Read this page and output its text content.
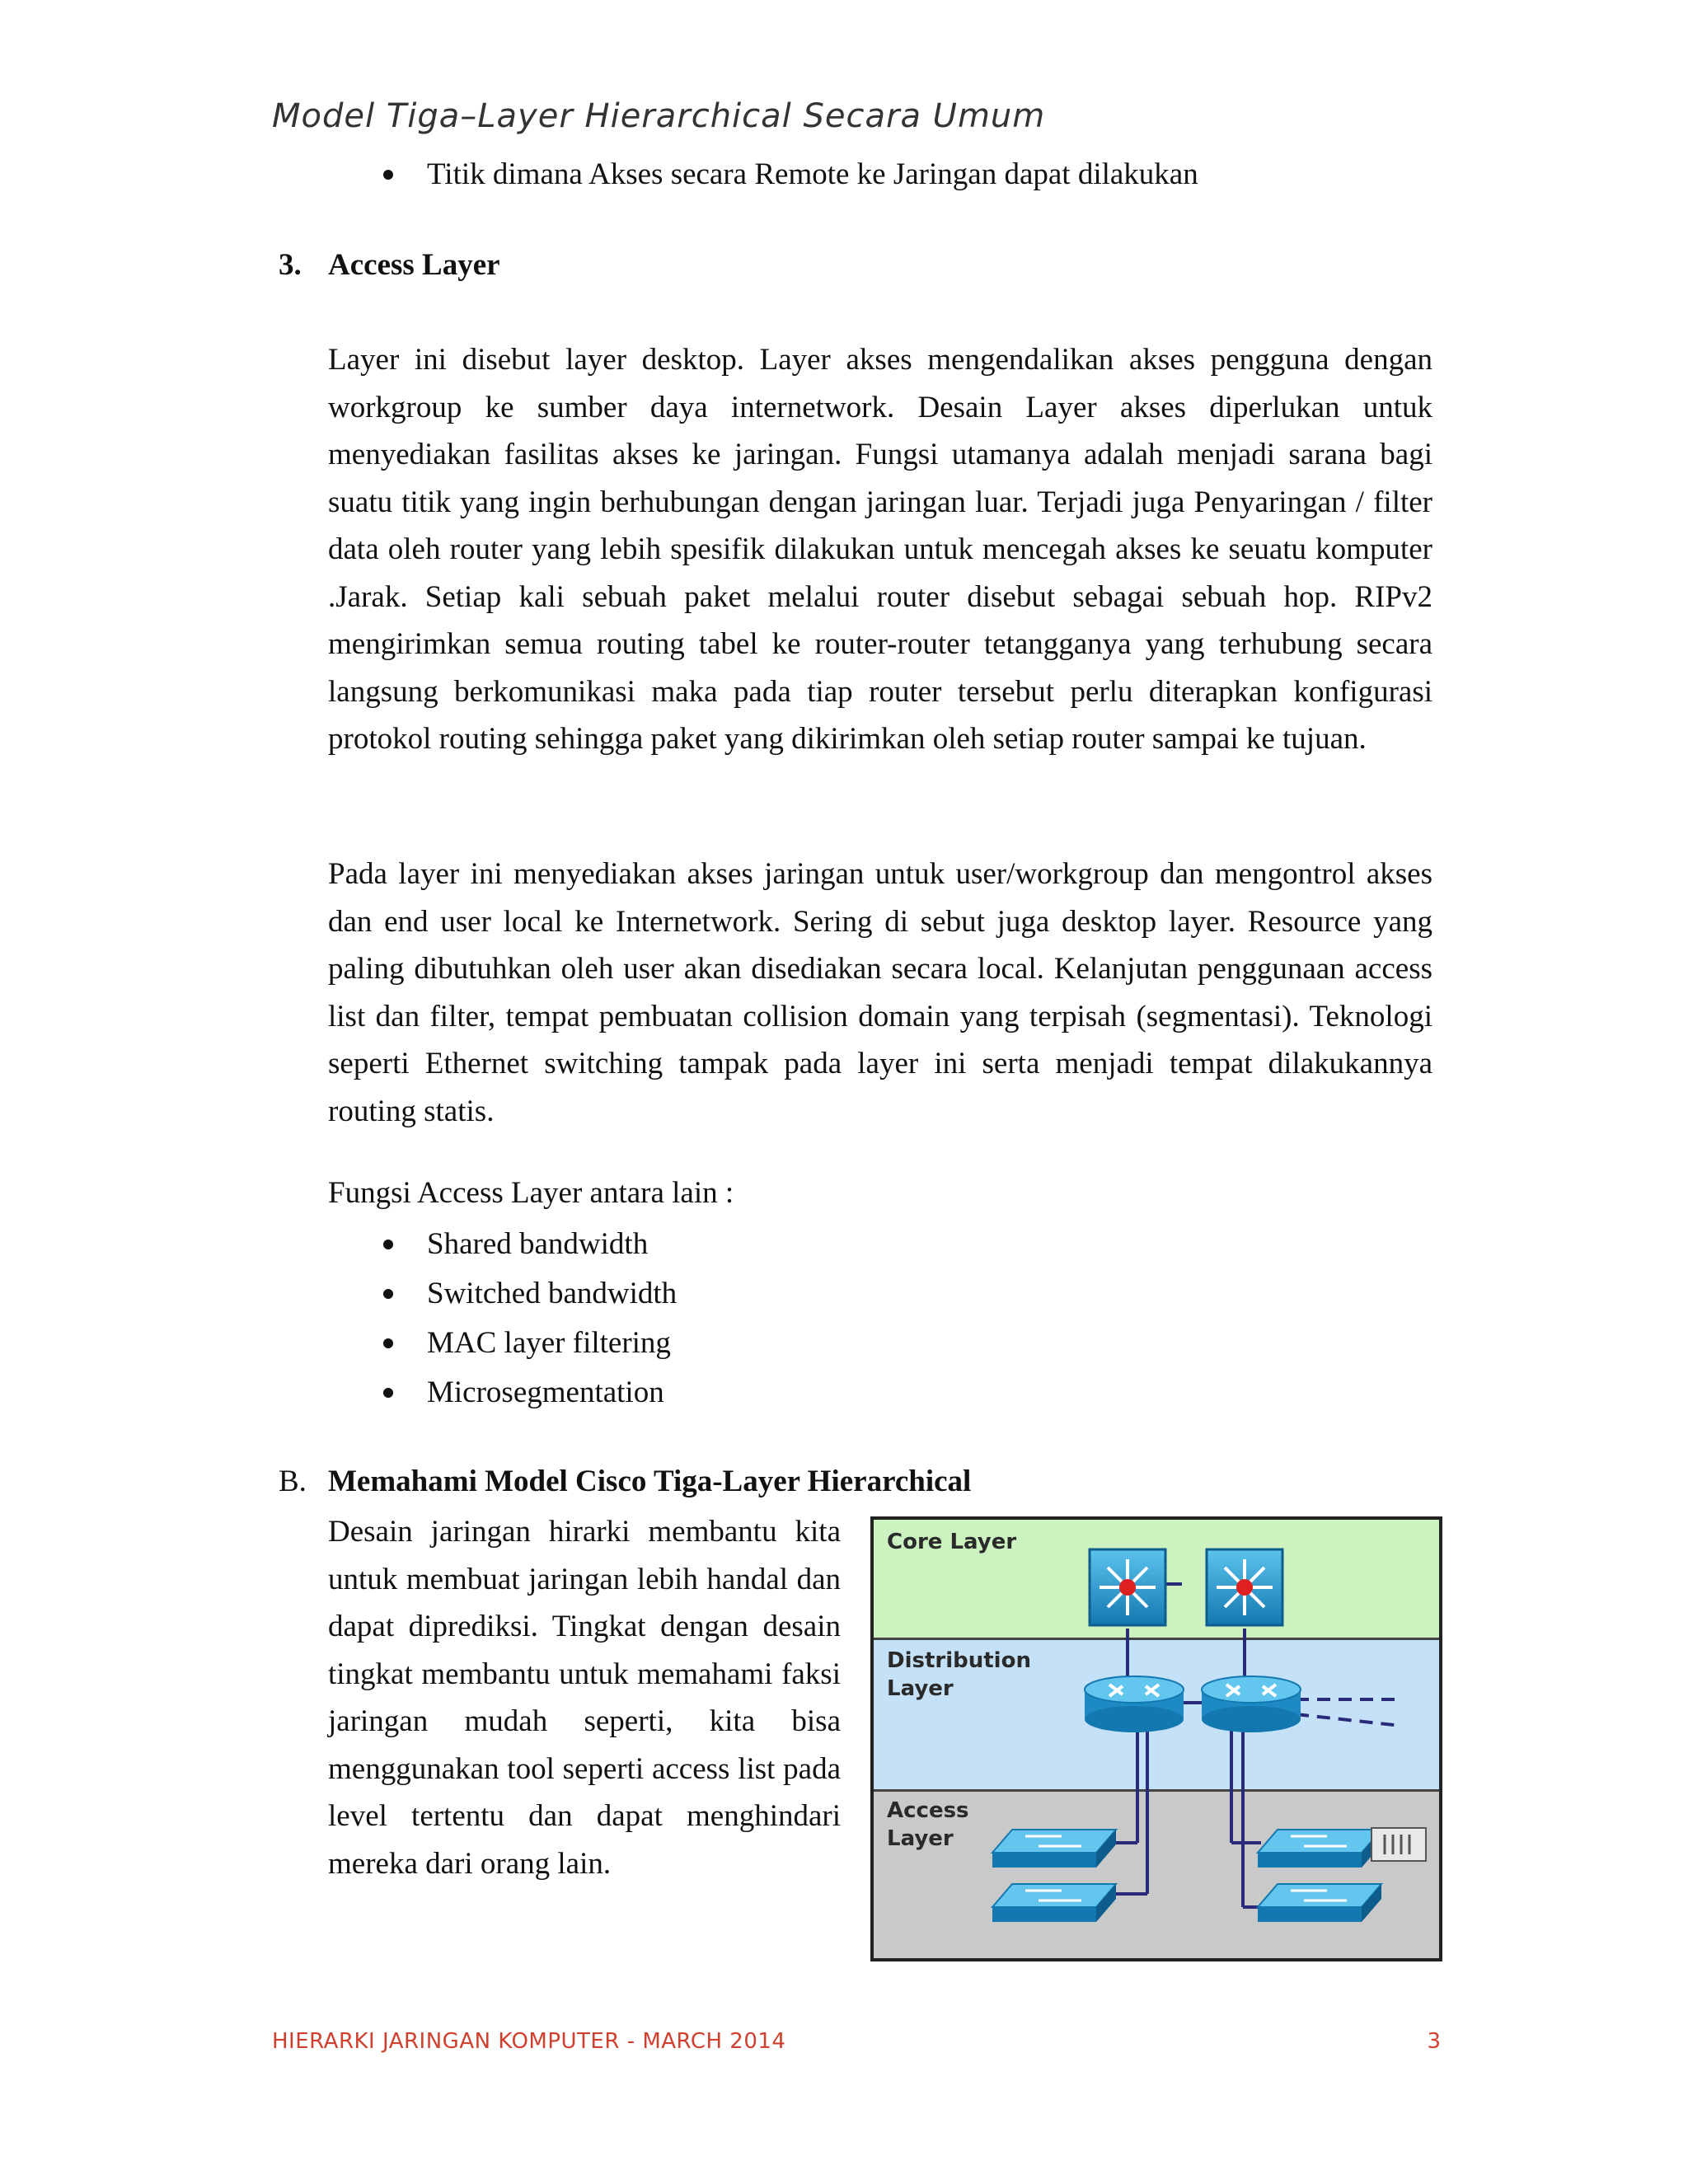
Model Tiga–Layer Hierarchical Secara Umum
Titik dimana Akses secara Remote ke Jaringan dapat dilakukan
3. Access Layer

Layer ini disebut layer desktop. Layer akses mengendalikan akses pengguna dengan workgroup ke sumber daya internetwork. Desain Layer akses diperlukan untuk menyediakan fasilitas akses ke jaringan. Fungsi utamanya adalah menjadi sarana bagi suatu titik yang ingin berhubungan dengan jaringan luar. Terjadi juga Penyaringan / filter data oleh router yang lebih spesifik dilakukan untuk mencegah akses ke seuatu komputer .Jarak. Setiap kali sebuah paket melalui router disebut sebagai sebuah hop. RIPv2 mengirimkan semua routing tabel ke router-router tetangganya yang terhubung secara langsung berkomunikasi maka pada tiap router tersebut perlu diterapkan konfigurasi protokol routing sehingga paket yang dikirimkan oleh setiap router sampai ke tujuan.

Pada layer ini menyediakan akses jaringan untuk user/workgroup dan mengontrol akses dan end user local ke Internetwork. Sering di sebut juga desktop layer. Resource yang paling dibutuhkan oleh user akan disediakan secara local. Kelanjutan penggunaan access list dan filter, tempat pembuatan collision domain yang terpisah (segmentasi). Teknologi seperti Ethernet switching tampak pada layer ini serta menjadi tempat dilakukannya routing statis.

Fungsi Access Layer antara lain :
Shared bandwidth
Switched bandwidth
MAC layer filtering
Microsegmentation
B. Memahami Model Cisco Tiga-Layer Hierarchical

Desain jaringan hirarki membantu kita untuk membuat jaringan lebih handal dan dapat diprediksi. Tingkat dengan desain tingkat membantu untuk memahami faksi jaringan mudah seperti, kita bisa menggunakan tool seperti access list pada level tertentu dan dapat menghindari mereka dari orang lain.

Core Layer
Distribution
Layer
Access
Layer
HIERARKI JARINGAN KOMPUTER - MARCH 2014	3
